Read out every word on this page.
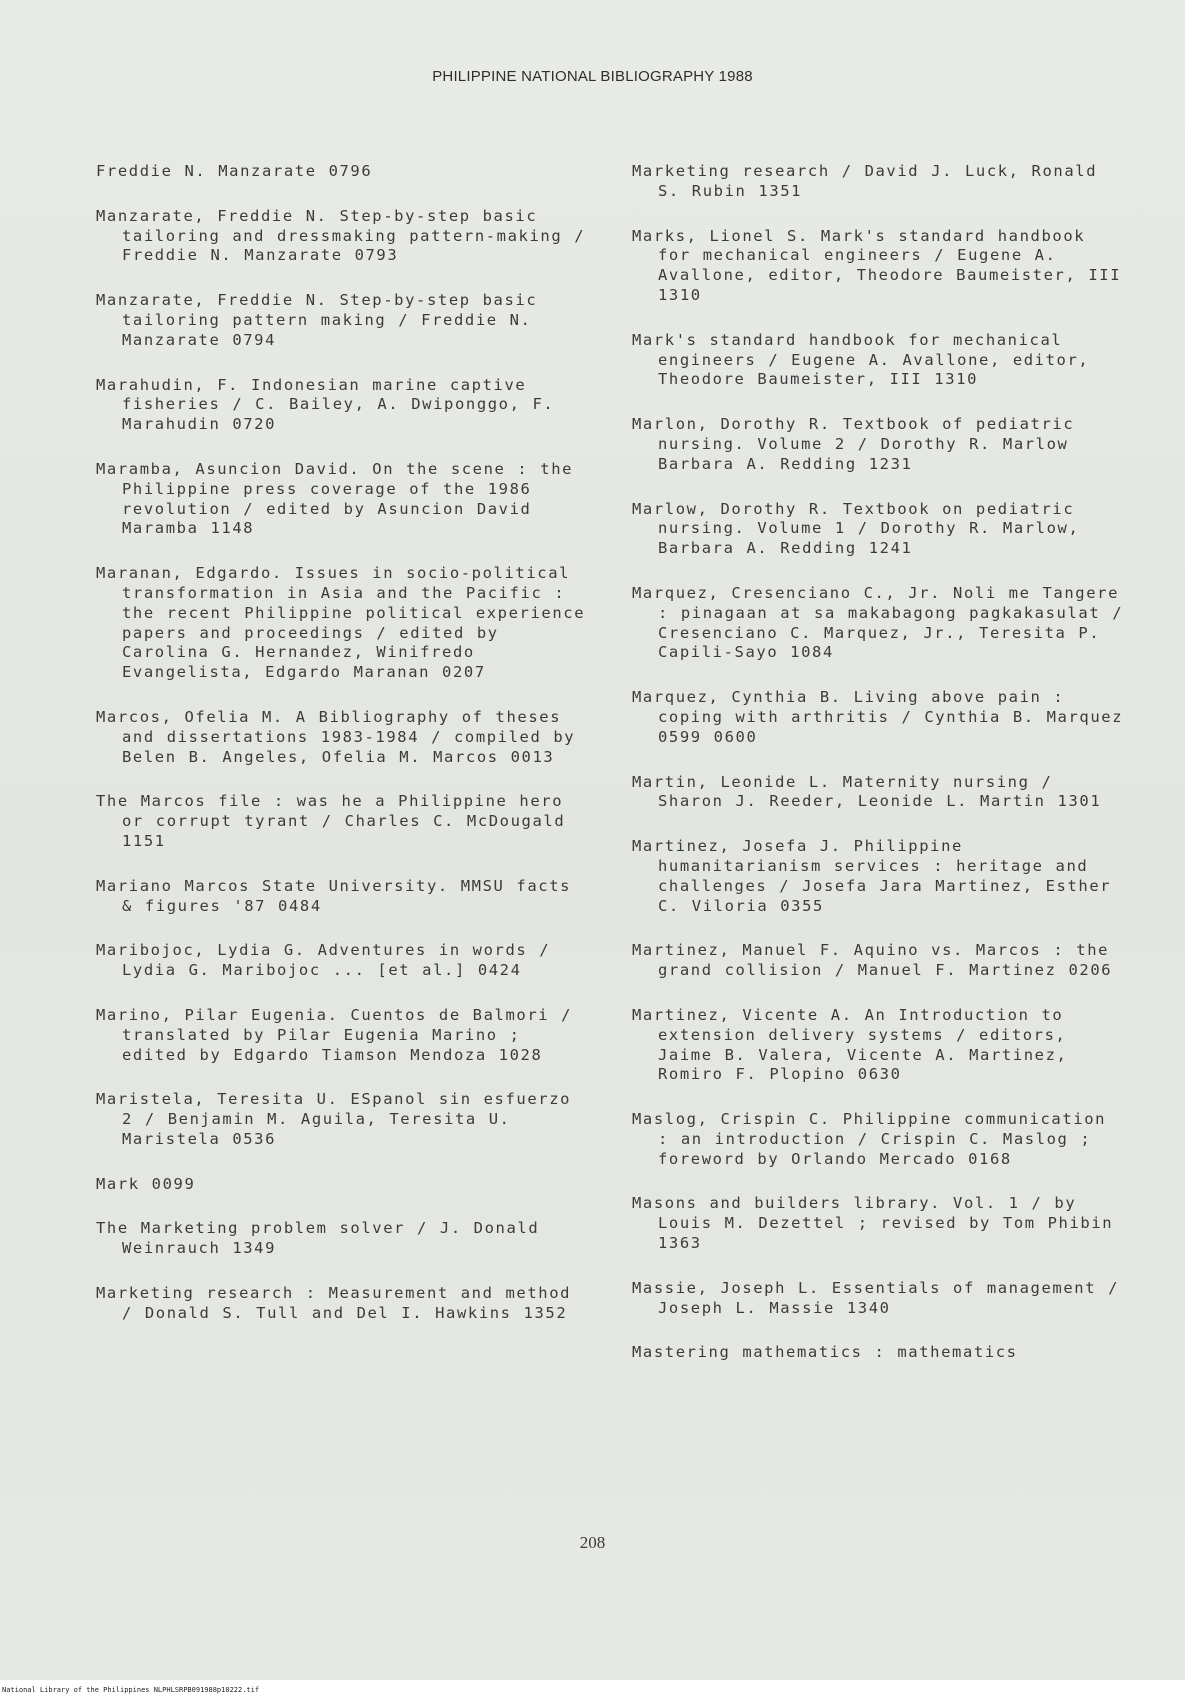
PHILIPPINE NATIONAL BIBLIOGRAPHY 1988

Freddie N. Manzarate 0796

Manzarate, Freddie N. Step-by-step basic tailoring and dressmaking pattern-making / Freddie N. Manzarate 0793

Manzarate, Freddie N. Step-by-step basic tailoring pattern making / Freddie N. Manzarate 0794

Marahudin, F. Indonesian marine captive fisheries / C. Bailey, A. Dwiponggo, F. Marahudin 0720

Maramba, Asuncion David. On the scene : the Philippine press coverage of the 1986 revolution / edited by Asuncion David Maramba 1148

Maranan, Edgardo. Issues in socio-political transformation in Asia and the Pacific : the recent Philippine political experience papers and proceedings / edited by Carolina G. Hernandez, Winifredo Evangelista, Edgardo Maranan 0207

Marcos, Ofelia M. A Bibliography of theses and dissertations 1983-1984 / compiled by Belen B. Angeles, Ofelia M. Marcos 0013

The Marcos file : was he a Philippine hero or corrupt tyrant / Charles C. McDougald 1151

Mariano Marcos State University. MMSU facts & figures '87 0484

Maribojoc, Lydia G. Adventures in words / Lydia G. Maribojoc ... [et al.] 0424

Marino, Pilar Eugenia. Cuentos de Balmori / translated by Pilar Eugenia Marino ; edited by Edgardo Tiamson Mendoza 1028

Maristela, Teresita U. ESpanol sin esfuerzo 2 / Benjamin M. Aguila, Teresita U. Maristela 0536

Mark 0099

The Marketing problem solver / J. Donald Weinrauch 1349

Marketing research : Measurement and method / Donald S. Tull and Del I. Hawkins 1352

Marketing research / David J. Luck, Ronald S. Rubin 1351

Marks, Lionel S. Mark's standard handbook for mechanical engineers / Eugene A. Avallone, editor, Theodore Baumeister, III 1310

Mark's standard handbook for mechanical engineers / Eugene A. Avallone, editor, Theodore Baumeister, III 1310

Marlon, Dorothy R. Textbook of pediatric nursing. Volume 2 / Dorothy R. Marlow Barbara A. Redding 1231

Marlow, Dorothy R. Textbook on pediatric nursing. Volume 1 / Dorothy R. Marlow, Barbara A. Redding 1241

Marquez, Cresenciano C., Jr. Noli me Tangere : pinagaan at sa makabagong pagkakasulat / Cresenciano C. Marquez, Jr., Teresita P. Capili-Sayo 1084

Marquez, Cynthia B. Living above pain : coping with arthritis / Cynthia B. Marquez 0599 0600

Martin, Leonide L. Maternity nursing / Sharon J. Reeder, Leonide L. Martin 1301

Martinez, Josefa J. Philippine humanitarianism services : heritage and challenges / Josefa Jara Martinez, Esther C. Viloria 0355

Martinez, Manuel F. Aquino vs. Marcos : the grand collision / Manuel F. Martinez 0206

Martinez, Vicente A. An Introduction to extension delivery systems / editors, Jaime B. Valera, Vicente A. Martinez, Romiro F. Plopino 0630

Maslog, Crispin C. Philippine communication : an introduction / Crispin C. Maslog ; foreword by Orlando Mercado 0168

Masons and builders library. Vol. 1 / by Louis M. Dezettel ; revised by Tom Phibin 1363

Massie, Joseph L. Essentials of management / Joseph L. Massie 1340

Mastering mathematics : mathematics

208
National Library of the Philippines NLPHLSRPB091988p10222.tif
